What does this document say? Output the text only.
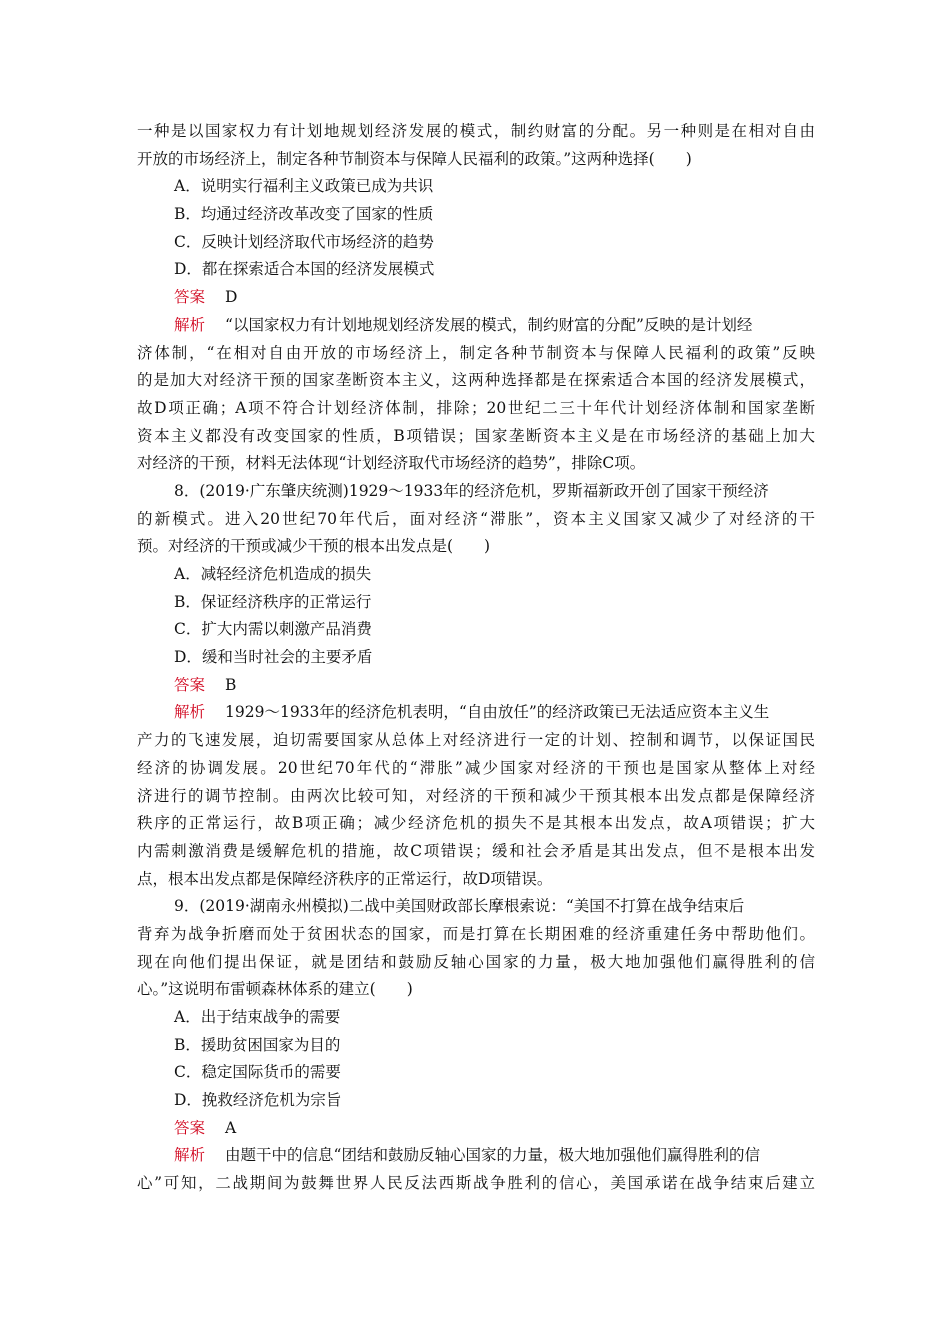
一种是以国家权力有计划地规划经济发展的模式，制约财富的分配。另一种则是在相对自由
开放的市场经济上，制定各种节制资本与保障人民福利的政策。”这两种选择(　　)
A．说明实行福利主义政策已成为共识
B．均通过经济改革改变了国家的性质
C．反映计划经济取代市场经济的趋势
D．都在探索适合本国的经济发展模式
答案 D
解析 “以国家权力有计划地规划经济发展的模式，制约财富的分配”反映的是计划经
济体制，“在相对自由开放的市场经济上，制定各种节制资本与保障人民福利的政策”反映
的是加大对经济干预的国家垄断资本主义，这两种选择都是在探索适合本国的经济发展模式，
故D项正确；A项不符合计划经济体制，排除；20世纪二三十年代计划经济体制和国家垄断
资本主义都没有改变国家的性质，B项错误；国家垄断资本主义是在市场经济的基础上加大
对经济的干预，材料无法体现“计划经济取代市场经济的趋势”，排除C项。
8．(2019·广东肇庆统测)1929～1933年的经济危机，罗斯福新政开创了国家干预经济
的新模式。进入20世纪70年代后，面对经济“滞胀”，资本主义国家又减少了对经济的干
预。对经济的干预或减少干预的根本出发点是(　　)
A．减轻经济危机造成的损失
B．保证经济秩序的正常运行
C．扩大内需以刺激产品消费
D．缓和当时社会的主要矛盾
答案 B
解析 1929～1933年的经济危机表明，“自由放任”的经济政策已无法适应资本主义生
产力的飞速发展，迫切需要国家从总体上对经济进行一定的计划、控制和调节，以保证国民
经济的协调发展。20世纪70年代的“滞胀”减少国家对经济的干预也是国家从整体上对经
济进行的调节控制。由两次比较可知，对经济的干预和减少干预其根本出发点都是保障经济
秩序的正常运行，故B项正确；减少经济危机的损失不是其根本出发点，故A项错误；扩大
内需刺激消费是缓解危机的措施，故C项错误；缓和社会矛盾是其出发点，但不是根本出发
点，根本出发点都是保障经济秩序的正常运行，故D项错误。
9．(2019·湖南永州模拟)二战中美国财政部长摩根索说：“美国不打算在战争结束后
背弃为战争折磨而处于贫困状态的国家，而是打算在长期困难的经济重建任务中帮助他们。
现在向他们提出保证，就是团结和鼓励反轴心国家的力量，极大地加强他们赢得胜利的信
心。”这说明布雷顿森林体系的建立(　　)
A．出于结束战争的需要
B．援助贫困国家为目的
C．稳定国际货币的需要
D．挽救经济危机为宗旨
答案 A
解析 由题干中的信息“团结和鼓励反轴心国家的力量，极大地加强他们赢得胜利的信
心”可知，二战期间为鼓舞世界人民反法西斯战争胜利的信心，美国承诺在战争结束后建立
